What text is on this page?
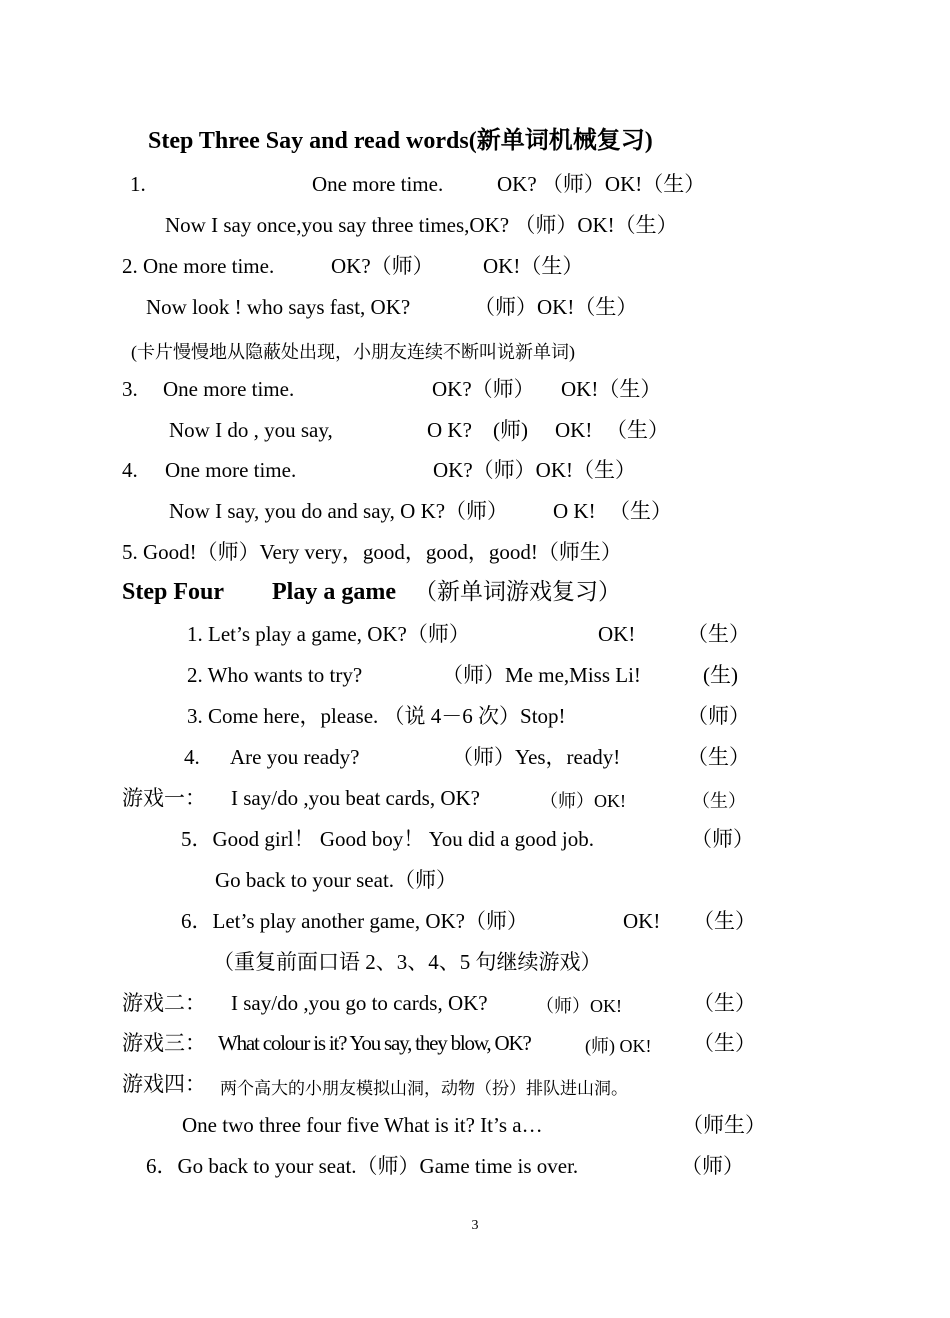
Step Three Say and read words(新单词机械复习)
1.	One more time.	OK? （师）OK!（生）
Now I say once,you say three times,OK? （师）OK!（生）
2. One more time.	OK?（师） OK!（生）
Now look ! who says fast, OK?	（师）OK!（生）
(卡片慢慢地从隐蔽处出现，小朋友连续不断叫说新单词)
3. One more time.	OK?（师） OK!（生）
Now I do , you say,	O K? (师) OK! （生）
4. One more time.	OK?（师）OK!（生）
Now I say, you do and say, O K?（师） O K! （生）
5. Good!（师）Very very，good，good，good!（师生）
Step Four Play a game （新单词游戏复习）
1. Let’s play a game, OK?（师）	OK! （生）
2. Who wants to try?	（师）Me me,Miss Li!	(生)
3. Come here，please. （说 4－6 次）Stop!	（师）
4. Are you ready?	（师）Yes，ready!	（生）
游戏一： I say/do ,you beat cards, OK?	（师）OK!	（生）
5．Good girl！ Good boy！ You did a good job.	（师）
Go back to your seat.（师）
6．Let’s play another game, OK?（师）	OK! （生）
（重复前面口语 2、3、4、5 句继续游戏）
游戏二： I say/do ,you go to cards, OK?	（师）OK!	（生）
游戏三： What colour is it? You say, they blow, OK?	(师) OK! （生）
游戏四： 两个高大的小朋友模拟山洞，动物（扮）排队进山洞。
One two three four five What is it? It’s a…	（师生）
6．Go back to your seat.（师）Game time is over.	（师）
3
